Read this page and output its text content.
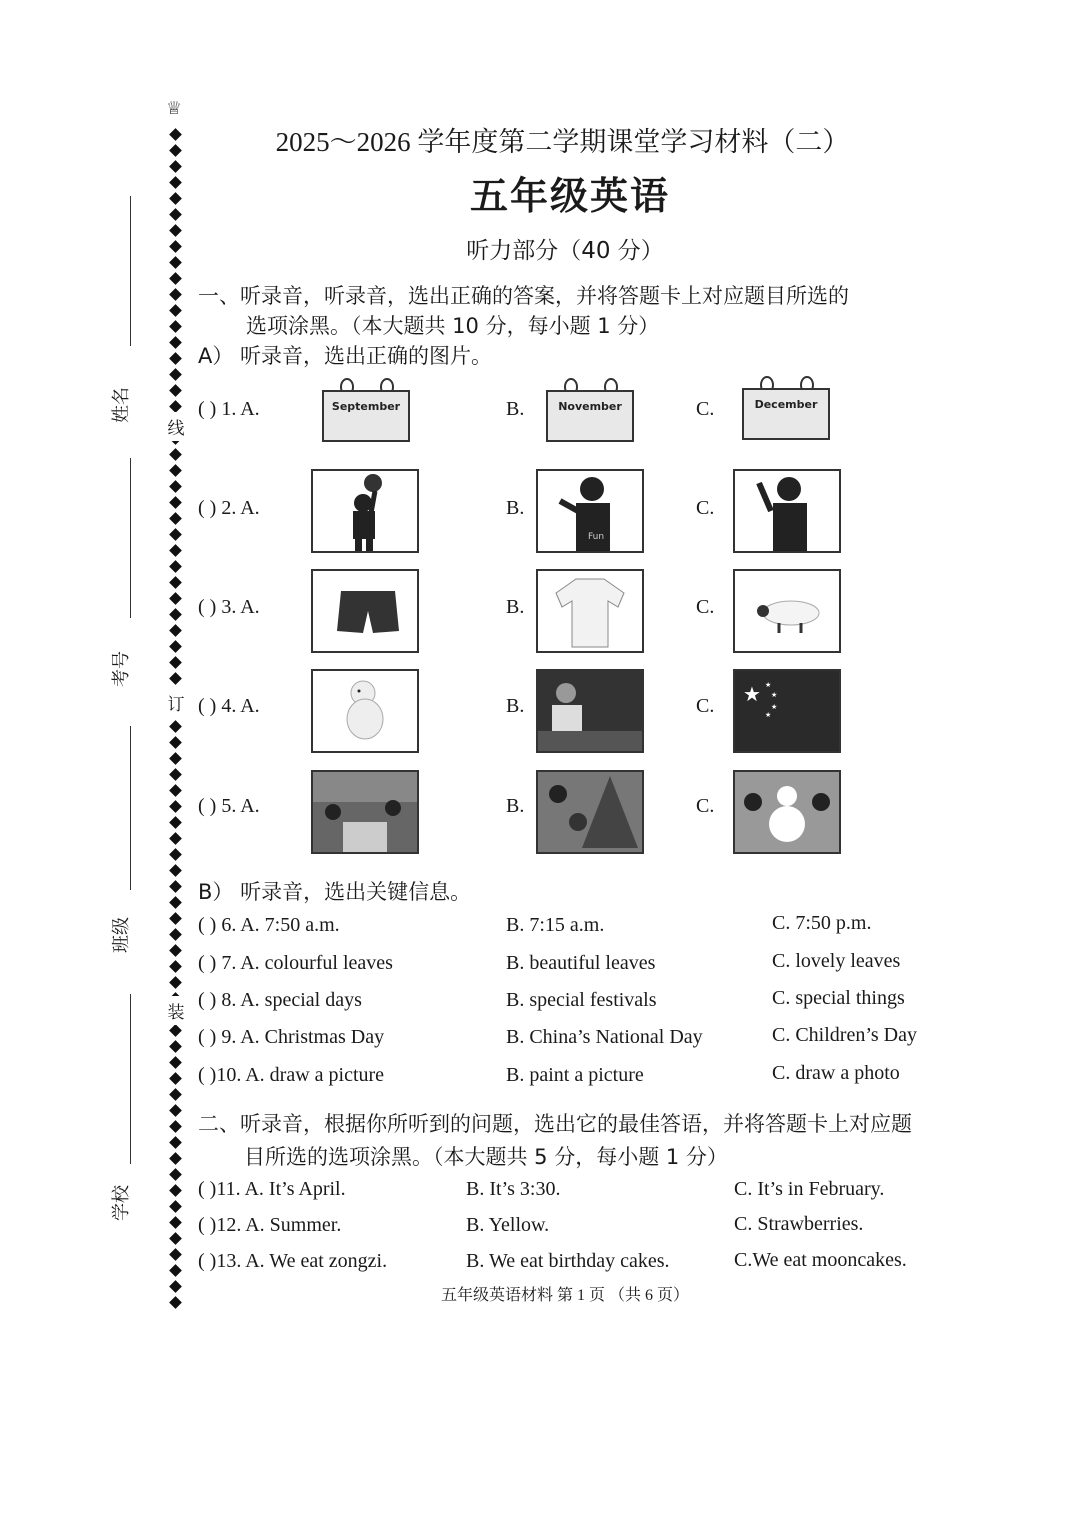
♕
线
订
装
姓名
考号
班级
学校
2025～2026 学年度第二学期课堂学习材料（二）
五年级英语
听力部分（40 分）
一、听录音，听录音，选出正确的答案，并将答题卡上对应题目所选的
选项涂黑。（本大题共 10 分，每小题 1 分）
A） 听录音，选出正确的图片。
( ) 1. A.	B.	C.
September	November	December
( ) 2. A.	B.	C.
Fun
( ) 3. A.	B.	C.
( ) 4. A.	B.	C. ★ ★
★
★
★
( ) 5. A.	B.	C.
B） 听录音，选出关键信息。
( ) 6. A. 7:50 a.m.	B. 7:15 a.m.	C. 7:50 p.m.
( ) 7. A. colourful leaves	B. beautiful leaves	C. lovely leaves
( ) 8. A. special days	B. special festivals	C. special things
( ) 9. A. Christmas Day	B. China’s National Day	C. Children’s Day
( )10. A. draw a picture	B. paint a picture	C. draw a photo
二、听录音，根据你所听到的问题，选出它的最佳答语，并将答题卡上对应题
目所选的选项涂黑。（本大题共 5 分，每小题 1 分）
( )11. A. It’s April.	B. It’s 3:30.	C. It’s in February.
( )12. A. Summer.	B. Yellow.	C. Strawberries.
( )13. A. We eat zongzi.	B. We eat birthday cakes.	C.We eat mooncakes.
五年级英语材料 第 1 页 （共 6 页）
